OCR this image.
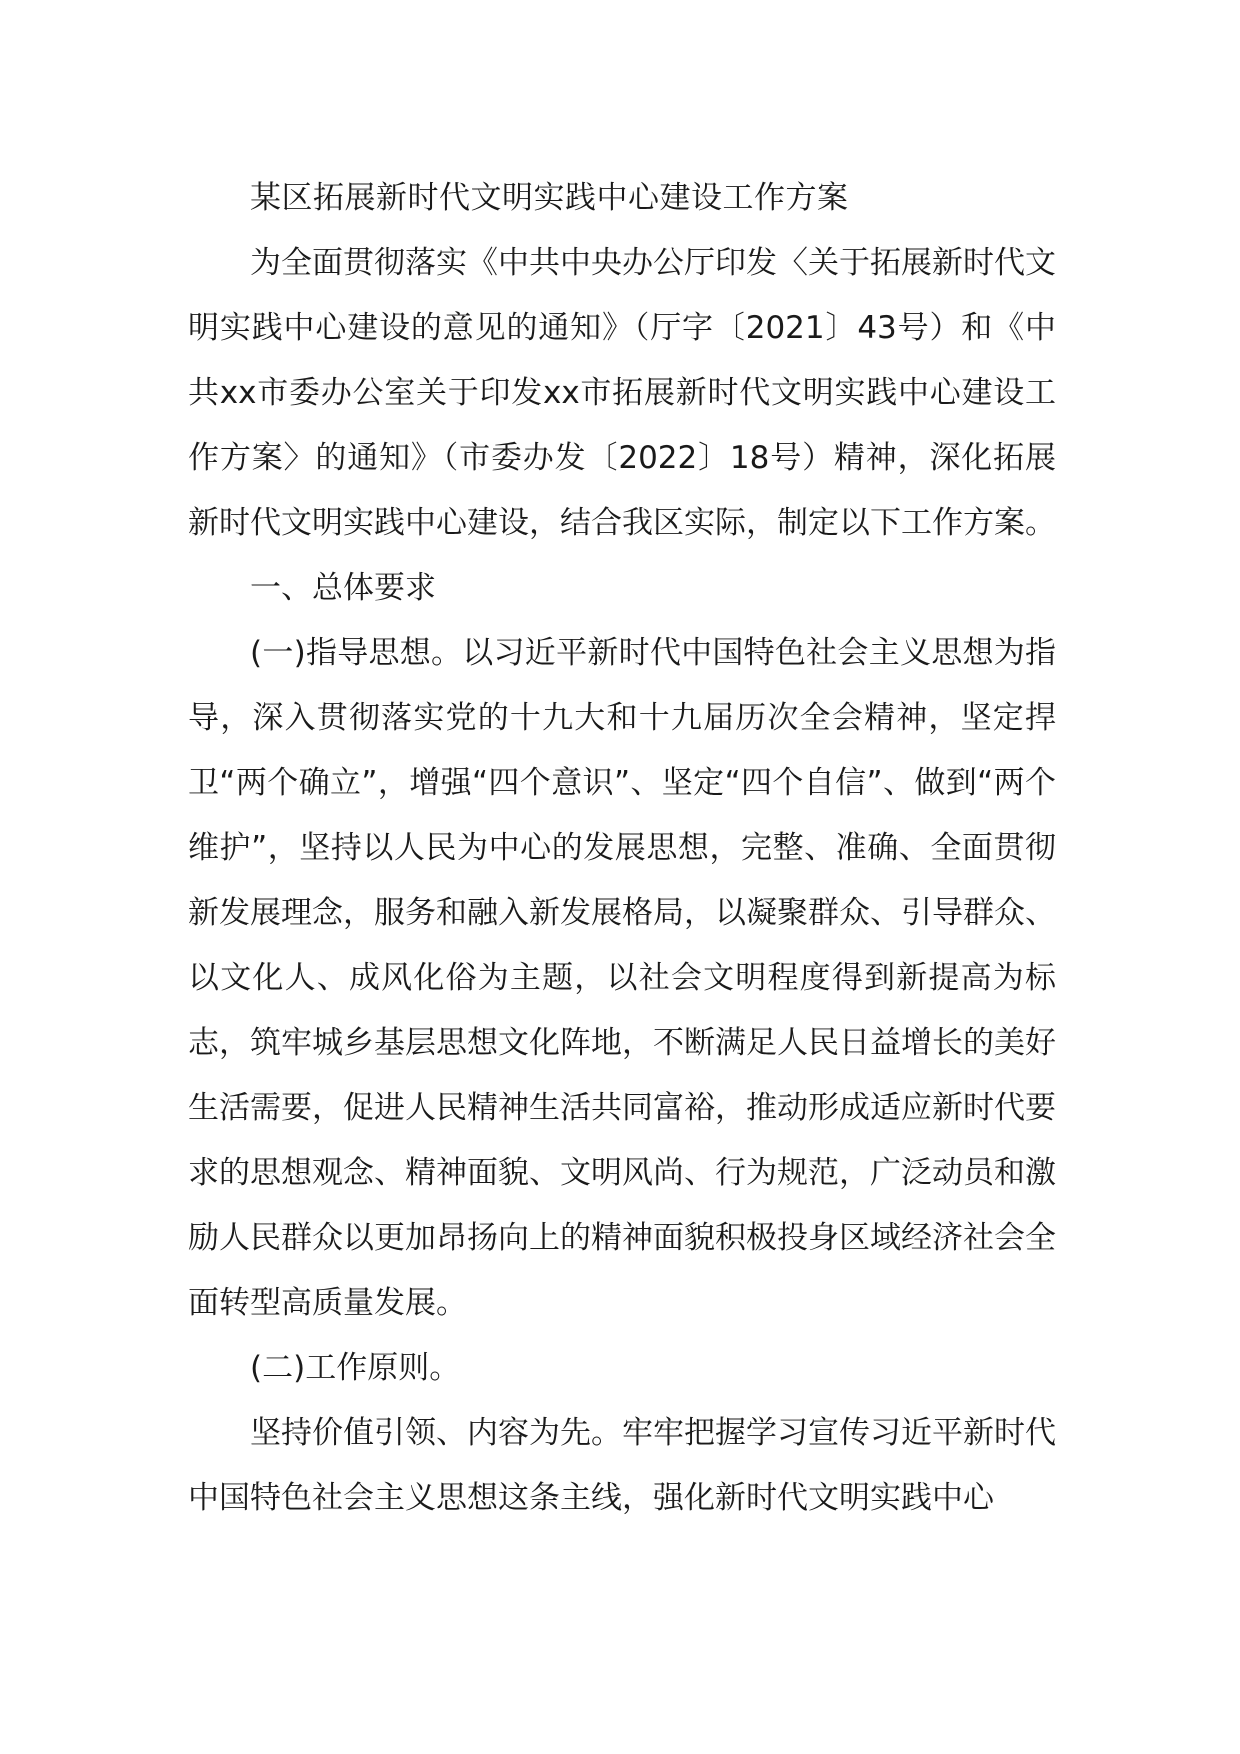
某区拓展新时代文明实践中心建设工作方案

为全面贯彻落实《中共中央办公厅印发〈关于拓展新时代文明实践中心建设的意见的通知》（厅字〔2021〕43号）和《中共xx市委办公室关于印发xx市拓展新时代文明实践中心建设工作方案〉的通知》（市委办发〔2022〕18号）精神，深化拓展新时代文明实践中心建设，结合我区实际，制定以下工作方案。

一、总体要求

(一)指导思想。以习近平新时代中国特色社会主义思想为指导，深入贯彻落实党的十九大和十九届历次全会精神，坚定捍卫“两个确立”，增强“四个意识”、坚定“四个自信”、做到“两个维护”，坚持以人民为中心的发展思想，完整、准确、全面贯彻新发展理念，服务和融入新发展格局，以凝聚群众、引导群众、以文化人、成风化俗为主题，以社会文明程度得到新提高为标志，筑牢城乡基层思想文化阵地，不断满足人民日益增长的美好生活需要，促进人民精神生活共同富裕，推动形成适应新时代要求的思想观念、精神面貌、文明风尚、行为规范，广泛动员和激励人民群众以更加昂扬向上的精神面貌积极投身区域经济社会全面转型高质量发展。

(二)工作原则。

坚持价值引领、内容为先。牢牢把握学习宣传习近平新时代中国特色社会主义思想这条主线，强化新时代文明实践中心
